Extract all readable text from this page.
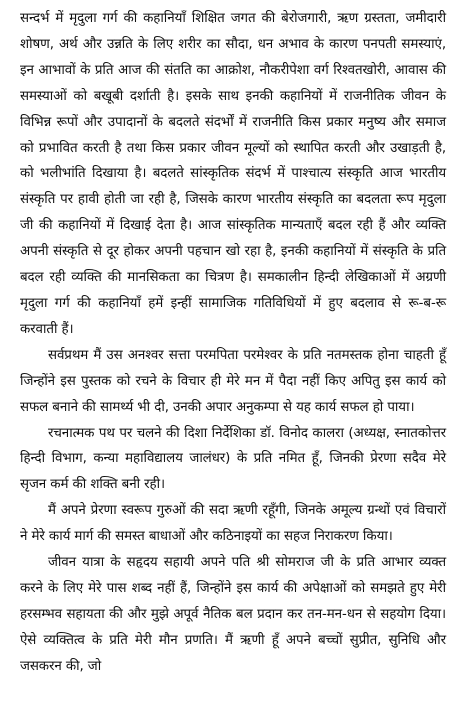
सन्दर्भ में मृदुला गर्ग की कहानियाँ शिक्षित जगत की बेरोजगारी, ऋण ग्रस्तता, जमीदारी शोषण, अर्थ और उन्नति के लिए शरीर का सौदा, धन अभाव के कारण पनपती समस्याएं, इन आभावों के प्रति आज की संतति का आक्रोश, नौकरीपेशा वर्ग रिश्वतखोरी, आवास की समस्याओं को बखूबी दर्शाती है। इसके साथ इनकी कहानियों में राजनीतिक जीवन के विभिन्न रूपों और उपादानों के बदलते संदर्भों में राजनीति किस प्रकार मनुष्य और समाज को प्रभावित करती है तथा किस प्रकार जीवन मूल्यों को स्थापित करती और उखाड़ती है, को भलीभांति दिखाया है। बदलते सांस्कृतिक संदर्भ में पाश्चात्य संस्कृति आज भारतीय संस्कृति पर हावी होती जा रही है, जिसके कारण भारतीय संस्कृति का बदलता रूप मृदुला जी की कहानियों में दिखाई देता है। आज सांस्कृतिक मान्यताएँ बदल रही हैं और व्यक्ति अपनी संस्कृति से दूर होकर अपनी पहचान खो रहा है, इनकी कहानियों में संस्कृति के प्रति बदल रही व्यक्ति की मानसिकता का चित्रण है। समकालीन हिन्दी लेखिकाओं में अग्रणी मृदुला गर्ग की कहानियाँ हमें इन्हीं सामाजिक गतिविधियों में हुए बदलाव से रू-ब-रू करवाती हैं।

सर्वप्रथम मैं उस अनश्वर सत्ता परमपिता परमेश्वर के प्रति नतमस्तक होना चाहती हूँ जिन्होंने इस पुस्तक को रचने के विचार ही मेरे मन में पैदा नहीं किए अपितु इस कार्य को सफल बनाने की सामर्थ्य भी दी, उनकी अपार अनुकम्पा से यह कार्य सफल हो पाया।

रचनात्मक पथ पर चलने की दिशा निर्देशिका डॉ. विनोद कालरा (अध्यक्ष, स्नातकोत्तर हिन्दी विभाग, कन्या महाविद्यालय जालंधर) के प्रति नमित हूँ, जिनकी प्रेरणा सदैव मेरे सृजन कर्म की शक्ति बनी रही।

मैं अपने प्रेरणा स्वरूप गुरुओं की सदा ऋणी रहूँगी, जिनके अमूल्य ग्रन्थों एवं विचारों ने मेरे कार्य मार्ग की समस्त बाधाओं और कठिनाइयों का सहज निराकरण किया।

जीवन यात्रा के सहृदय सहायी अपने पति श्री सोमराज जी के प्रति आभार व्यक्त करने के लिए मेरे पास शब्द नहीं हैं, जिन्होंने इस कार्य की अपेक्षाओं को समझते हुए मेरी हरसम्भव सहायता की और मुझे अपूर्व नैतिक बल प्रदान कर तन-मन-धन से सहयोग दिया। ऐसे व्यक्तित्व के प्रति मेरी मौन प्रणति। मैं ऋणी हूँ अपने बच्चों सुप्रीत, सुनिधि और जसकरन की, जो
